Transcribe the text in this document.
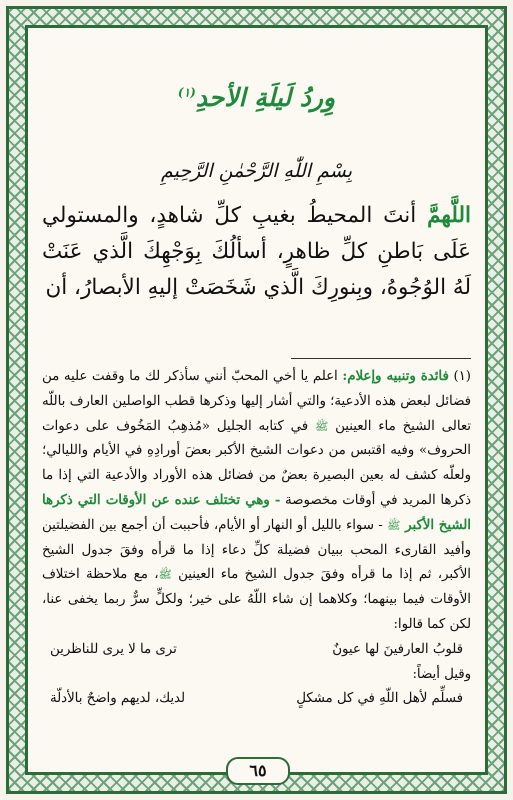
وِردُ لَيلَةِ الأحدِ$^{(١)}$
بِسْمِ اللّٰهِ الرَّحْمٰنِ الرَّحِيمِ
اللَّهمَّ أنتَ المحيطُ بغيبِ كلِّ شاهدٍ، والمستولي عَلَى بَاطنِ كلِّ ظاهرٍ، أسألُكَ بِوَجْهِكَ الَّذي عَنَتْ لَهُ الوُجُوهُ، وبِنورِكَ الَّذي شَخَصَتْ إليهِ الأبصارُ، أن

(١) فائدة وتنبيه وإعلام: اعلم يا أخي المحبّ أنني سأذكر لك ما وقفت عليه من فضائل لبعض هذه الأدعية؛ والتي أشار إليها وذكرها قطب الواصلين العارف باللّه تعالى الشيخ ماء العينين ﷺ في كتابه الجليل «مُذهِبُ المَخُوف على دعوات الحروف» وفيه اقتبس من دعوات الشيخ الأكبر بعضَ أورادِهِ في الأيام والليالي؛ ولعلّه كشف له بعين البصيرة بعضٌ من فضائل هذه الأوراد والأدعية التي إذا ما ذكرها المريد في أوقات مخصوصة - وهي تختلف عنده عن الأوقات التي ذكرها الشيخ الأكبر ﷺ - سواء بالليل أو النهار أو الأيام، فأحببت أن أجمع بين الفضيلتين وأفيد القارىء المحب ببيان فضيلة كلِّ دعاء إذا ما قرأه وفقَ جدول الشيخ الأكبر، ثم إذا ما قرأه وفقَ جدول الشيخ ماء العينين ﷺ، مع ملاحظة اختلاف الأوقات فيما بينهما؛ وكلاهما إن شاء اللّهُ على خير؛ ولكلٍّ سرٌّ ربما يخفى عنا، لكن كما قالوا:

قلوبُ العارفينَ لها عيونٌ
ترى ما لا يرى للناظرين

وقيل أيضاً:

فسلِّم لأهل اللّهِ في كل مشكلٍ
لديك، لديهم واضحٌ بالأدلّة
٦٥
